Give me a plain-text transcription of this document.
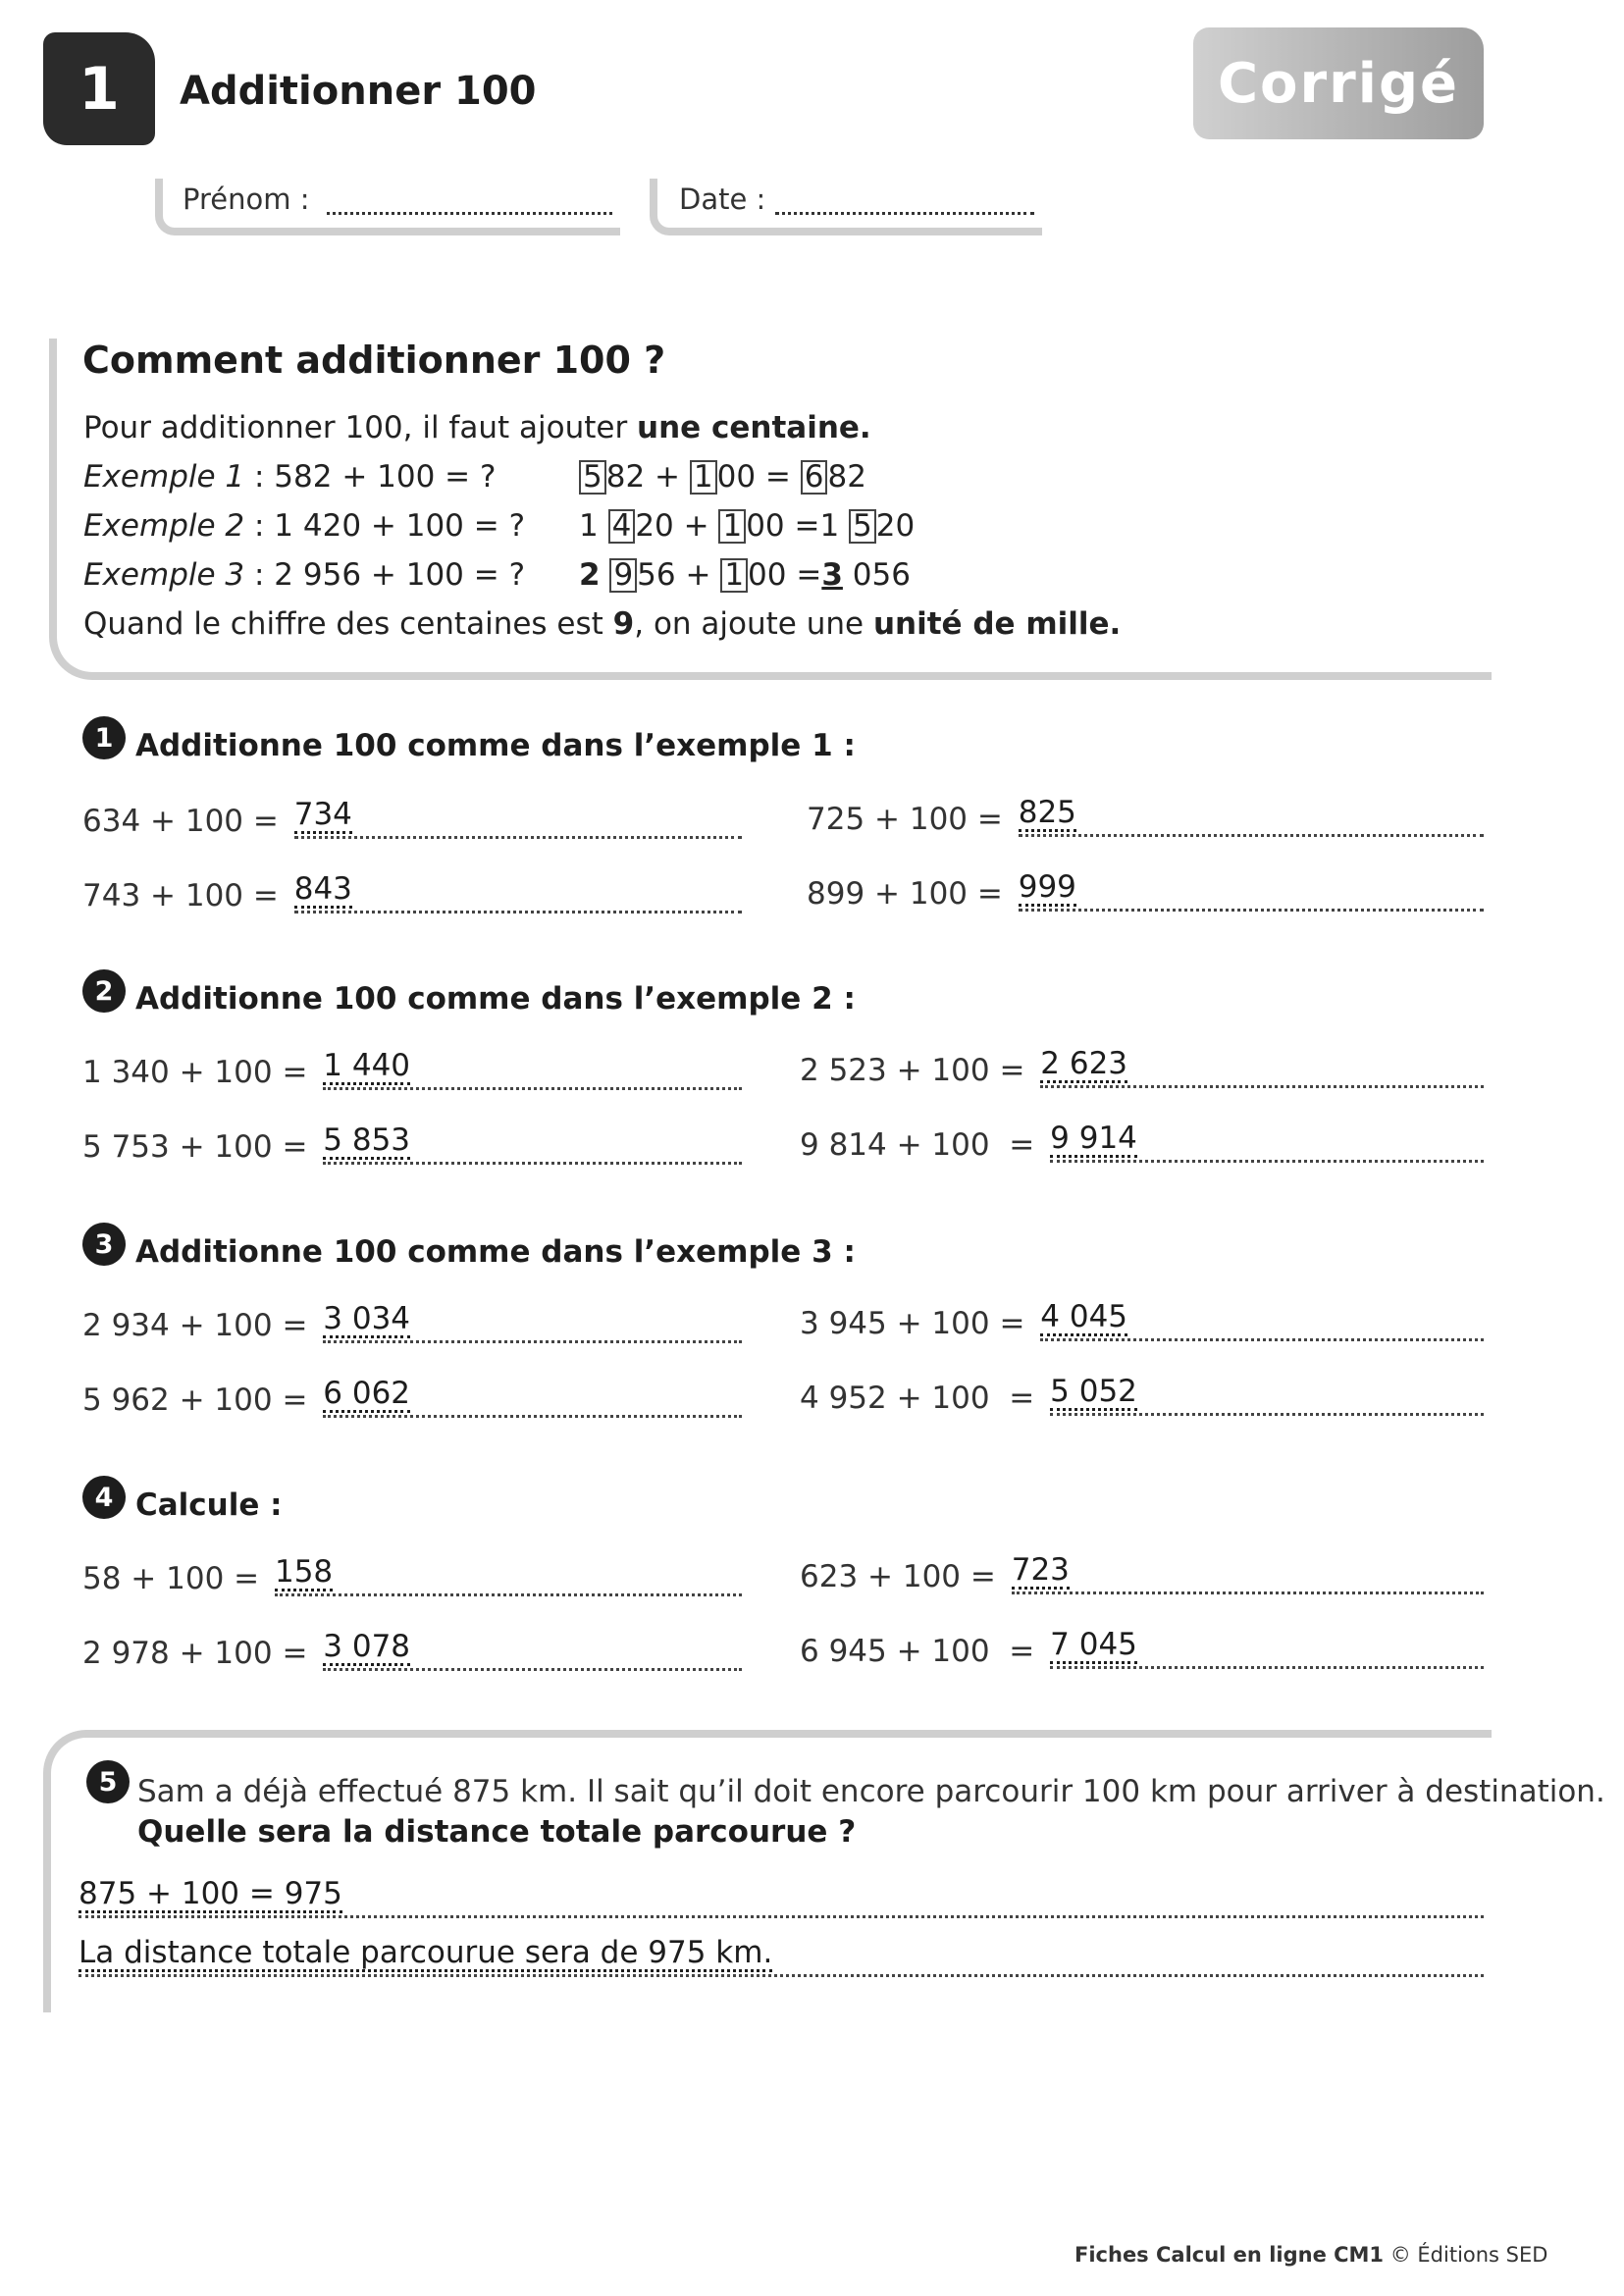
1 Additionner 100	Corrigé
Prénom :	Date :
Comment additionner 100 ?
Pour additionner 100, il faut ajouter une centaine.
Exemple 1 : 582 + 100 = ?	5 82 + 1 00 = 6 82
Exemple 2 : 1 420 + 100 = ? 1 4 20 + 1 00 =1 5 20
Exemple 3 : 2 956 + 100 = ? 2 9 56 + 1 00 =3 056
Quand le chiffre des centaines est 9, on ajoute une unité de mille.
1 Additionne 100 comme dans l’exemple 1 :
634 + 100 = 734	725 + 100 = 825
743 + 100 = 843	899 + 100 = 999
2 Additionne 100 comme dans l’exemple 2 :
1 340 + 100 = 1 440	2 523 + 100 = 2 623
5 753 + 100 = 5 853	9 814 + 100  = 9 914
3 Additionne 100 comme dans l’exemple 3 :
2 934 + 100 = 3 034	3 945 + 100 = 4 045
5 962 + 100 = 6 062	4 952 + 100  = 5 052
4 Calcule :
58 + 100 = 158	623 + 100 = 723
2 978 + 100 = 3 078	6 945 + 100  = 7 045
5 Sam a déjà effectué 875 km. Il sait qu’il doit encore parcourir 100 km pour arriver à destination.
Quelle sera la distance totale parcourue ?
875 + 100 = 975
La distance totale parcourue sera de 975 km.
Fiches Calcul en ligne CM1 © Éditions SED
